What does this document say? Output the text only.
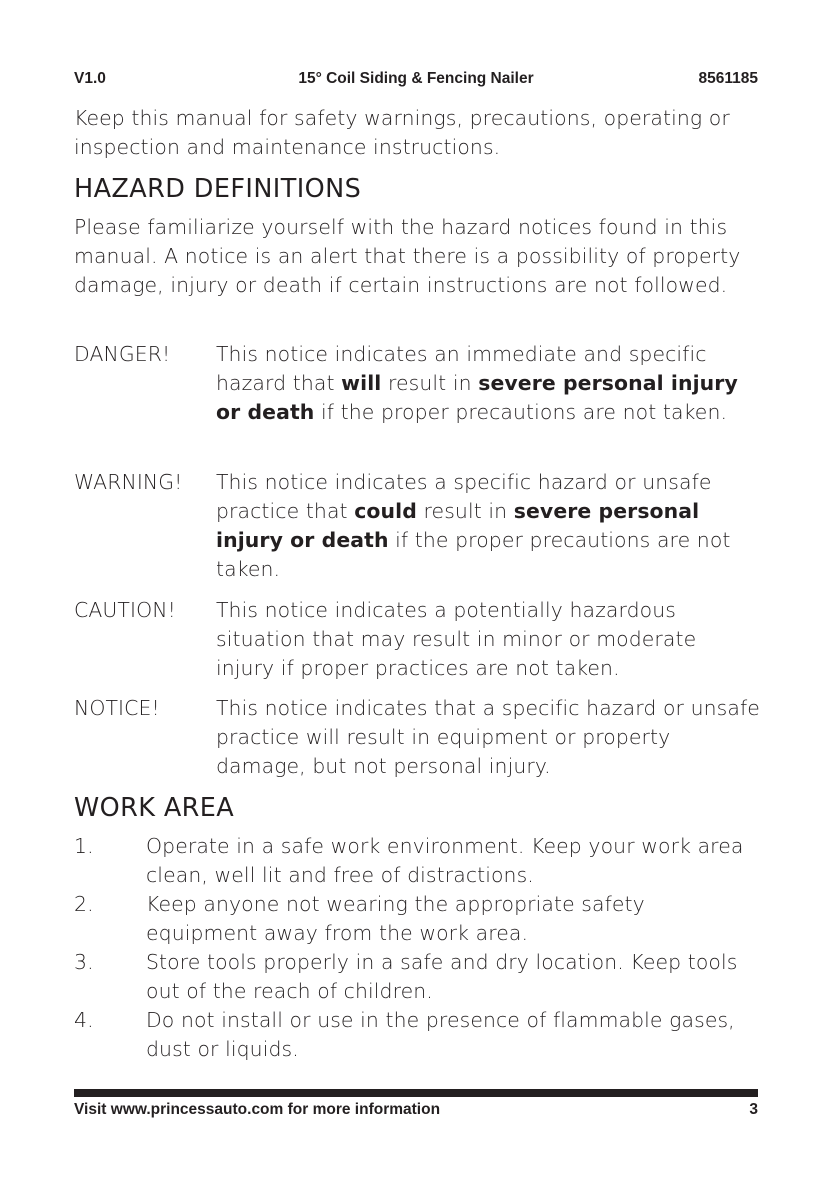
V1.0	15° Coil Siding & Fencing Nailer	8561185

Keep this manual for safety warnings, precautions, operating or inspection and maintenance instructions.

HAZARD DEFINITIONS

Please familiarize yourself with the hazard notices found in this manual. A notice is an alert that there is a possibility of property damage, injury or death if certain instructions are not followed.

DANGER!	This notice indicates an immediate and specific hazard that will result in severe personal injury or death if the proper precautions are not taken.

WARNING!	This notice indicates a specific hazard or unsafe practice that could result in severe personal injury or death if the proper precautions are not taken.

CAUTION!	This notice indicates a potentially hazardous situation that may result in minor or moderate injury if proper practices are not taken.

NOTICE!	This notice indicates that a specific hazard or unsafe practice will result in equipment or property damage, but not personal injury.

WORK AREA
1.	Operate in a safe work environment. Keep your work area clean, well lit and free of distractions.
2.	Keep anyone not wearing the appropriate safety equipment away from the work area.
3.	Store tools properly in a safe and dry location. Keep tools out of the reach of children.
4.	Do not install or use in the presence of flammable gases, dust or liquids.
Visit www.princessauto.com for more information	3
